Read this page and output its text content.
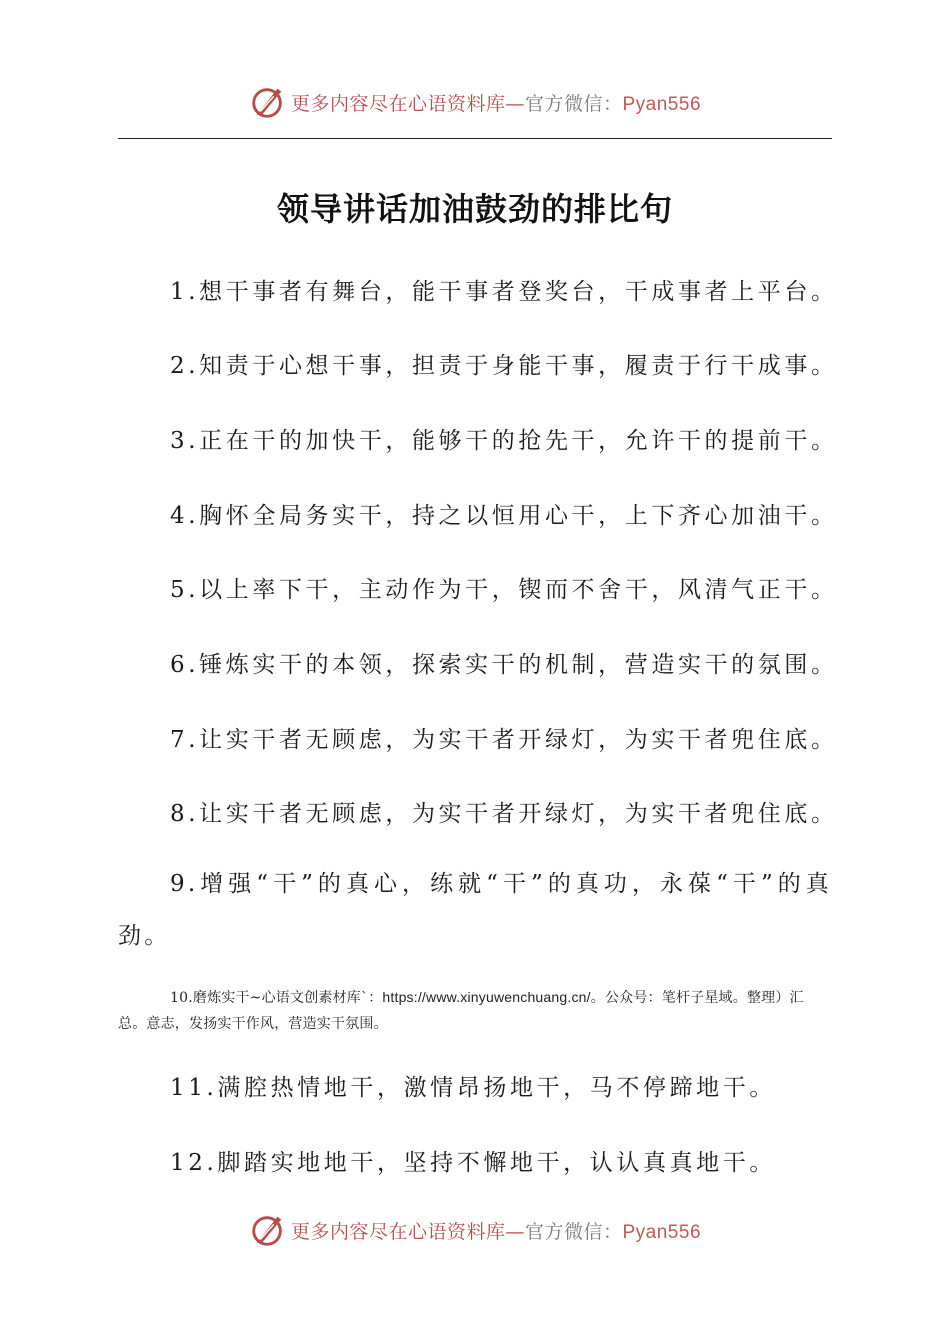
更多内容尽在心语资料库—官方微信：Pyan556
领导讲话加油鼓劲的排比句
1.想干事者有舞台，能干事者登奖台，干成事者上平台。
2.知责于心想干事，担责于身能干事，履责于行干成事。
3.正在干的加快干，能够干的抢先干，允许干的提前干。
4.胸怀全局务实干，持之以恒用心干，上下齐心加油干。
5.以上率下干，主动作为干，锲而不舍干，风清气正干。
6.锤炼实干的本领，探索实干的机制，营造实干的氛围。
7.让实干者无顾虑，为实干者开绿灯，为实干者兜住底。
8.让实干者无顾虑，为实干者开绿灯，为实干者兜住底。
9.增强“干”的真心，练就“干”的真功，永葆“干”的真劲。
10.磨炼实干~心语文创素材库`：https://www.xinyuwenchuang.cn/。公众号：笔杆子星域。整理）汇总。意志，发扬实干作风，营造实干氛围。
11.满腔热情地干，激情昂扬地干，马不停蹄地干。
12.脚踏实地地干，坚持不懈地干，认认真真地干。
更多内容尽在心语资料库—官方微信：Pyan556
